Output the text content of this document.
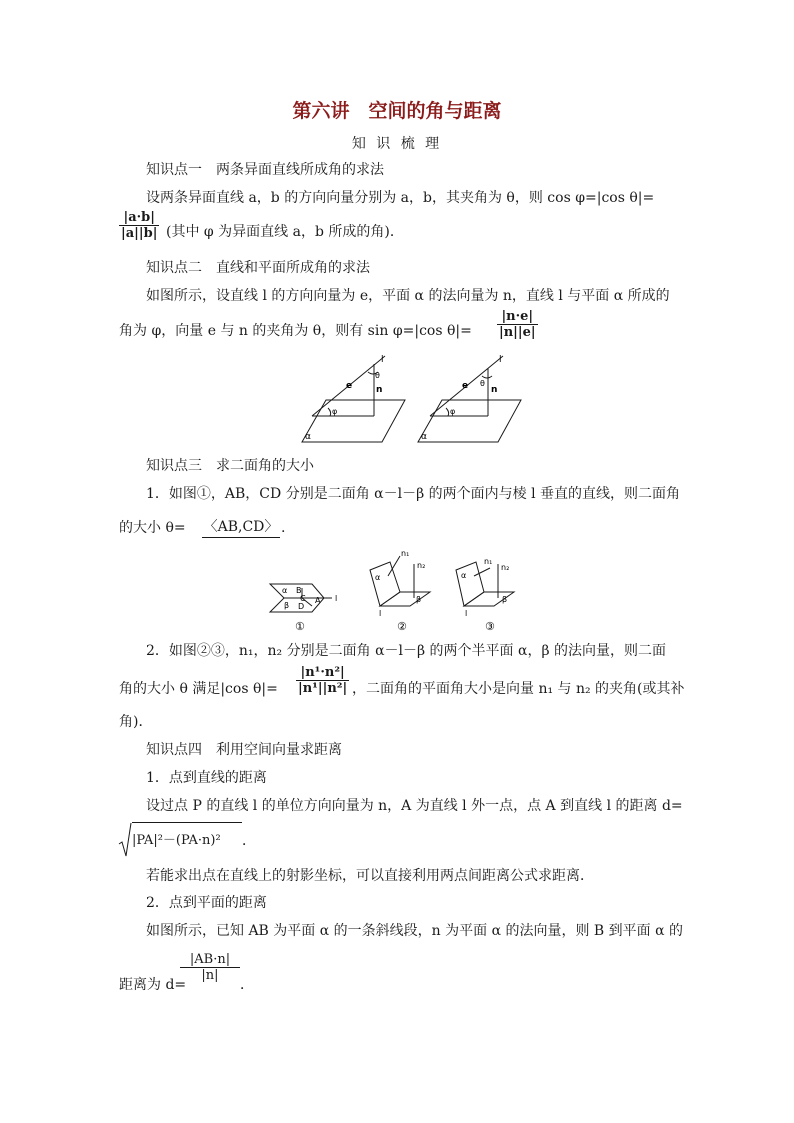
第六讲　空间的角与距离
知 识 梳 理
知识点一　两条异面直线所成角的求法
设两条异面直线 a，b 的方向向量分别为 a，b，其夹角为 θ，则 cos φ=|cos θ|=
$\frac{|a\cdot b|}{|a||b|}$ (其中 φ 为异面直线 a，b 所成的角)．
知识点二　直线和平面所成角的求法
如图所示，设直线 l 的方向向量为 e，平面 α 的法向量为 n，直线 l 与平面 α 所成的
角为 φ，向量 e 与 n 的夹角为 θ，则有 sin φ=|cos $\theta|= \frac{|n\cdot e|}{|n||e|}$
l
θ
e	n
φ
α
l
θ
e	n
φ
α
知识点三　求二面角的大小
1．如图①，AB，CD 分别是二面角 α－l－β 的两个面内与棱 l 垂直的直线，则二面角
的大小 θ= 〈AB,CD〉 .
α B
C
β D
A l
①
n₁
n₂
α
β
l
②
n₁
n₂
α
β
l
③
2．如图②③，n₁，n₂ 分别是二面角 α－l－β 的两个半平面 α，β 的法向量，则二面
角的大小 θ 满足|cos $\theta|= \frac{\text{|n¹·n²|}}{\text{|n¹||n²|}}$ ，二面角的平面角大小是向量 n₁ 与 n₂ 的夹角(或其补
角)．
知识点四　利用空间向量求距离
1．点到直线的距离
设过点 P 的直线 l 的单位方向向量为 n，A 为直线 l 外一点，点 A 到直线 l 的距离 d=
|PA|²－(PA·n)²	．
若能求出点在直线上的射影坐标，可以直接利用两点间距离公式求距离．
2．点到平面的距离
如图所示，已知 AB 为平面 α 的一条斜线段，n 为平面 α 的法向量，则 B 到平面 α 的
距离为 d=
$\frac{|AB\cdot n|}{|n|}$
．
